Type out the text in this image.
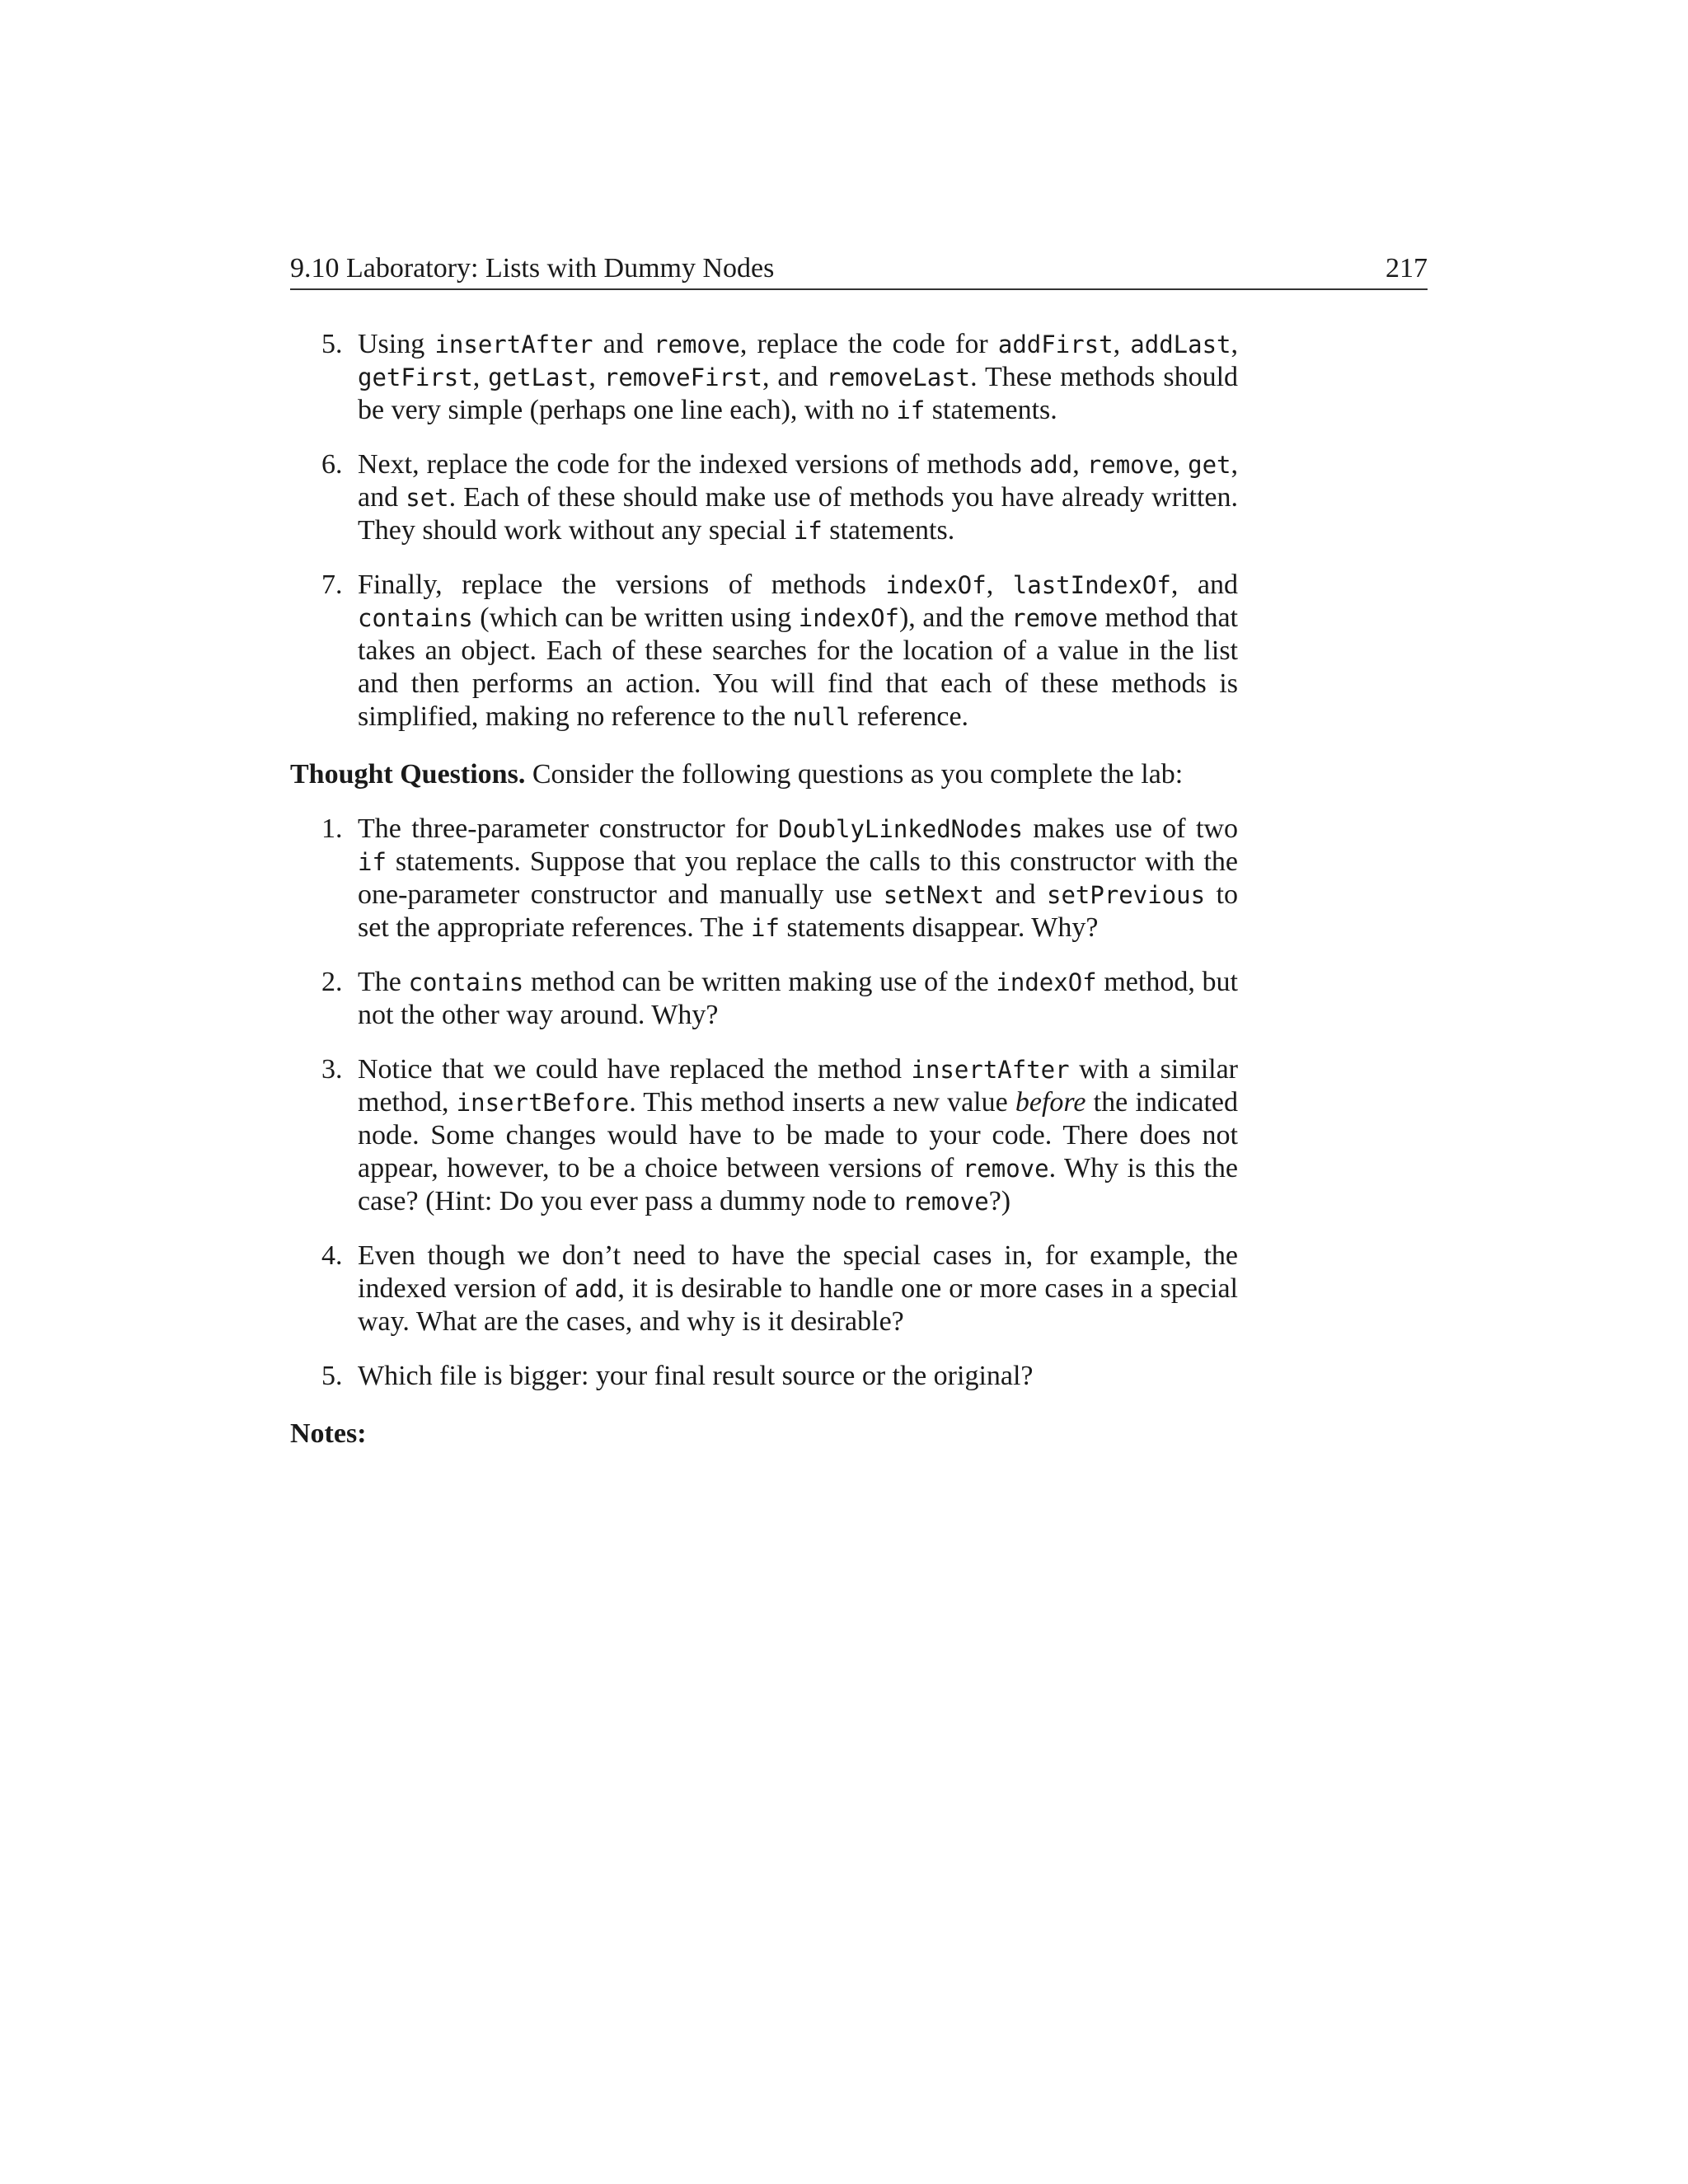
9.10 Laboratory: Lists with Dummy Nodes	217
5. Using insertAfter and remove, replace the code for addFirst, addLast, getFirst, getLast, removeFirst, and removeLast. These methods should be very simple (perhaps one line each), with no if statements.
6. Next, replace the code for the indexed versions of methods add, remove, get, and set. Each of these should make use of methods you have already written. They should work without any special if statements.
7. Finally, replace the versions of methods indexOf, lastIndexOf, and contains (which can be written using indexOf), and the remove method that takes an object. Each of these searches for the location of a value in the list and then performs an action. You will find that each of these methods is simplified, making no reference to the null reference.
Thought Questions. Consider the following questions as you complete the lab:
1. The three-parameter constructor for DoublyLinkedNodes makes use of two if statements. Suppose that you replace the calls to this constructor with the one-parameter constructor and manually use setNext and setPrevious to set the appropriate references. The if statements disappear. Why?
2. The contains method can be written making use of the indexOf method, but not the other way around. Why?
3. Notice that we could have replaced the method insertAfter with a similar method, insertBefore. This method inserts a new value before the indicated node. Some changes would have to be made to your code. There does not appear, however, to be a choice between versions of remove. Why is this the case? (Hint: Do you ever pass a dummy node to remove?)
4. Even though we don’t need to have the special cases in, for example, the indexed version of add, it is desirable to handle one or more cases in a special way. What are the cases, and why is it desirable?
5. Which file is bigger: your final result source or the original?
Notes:
